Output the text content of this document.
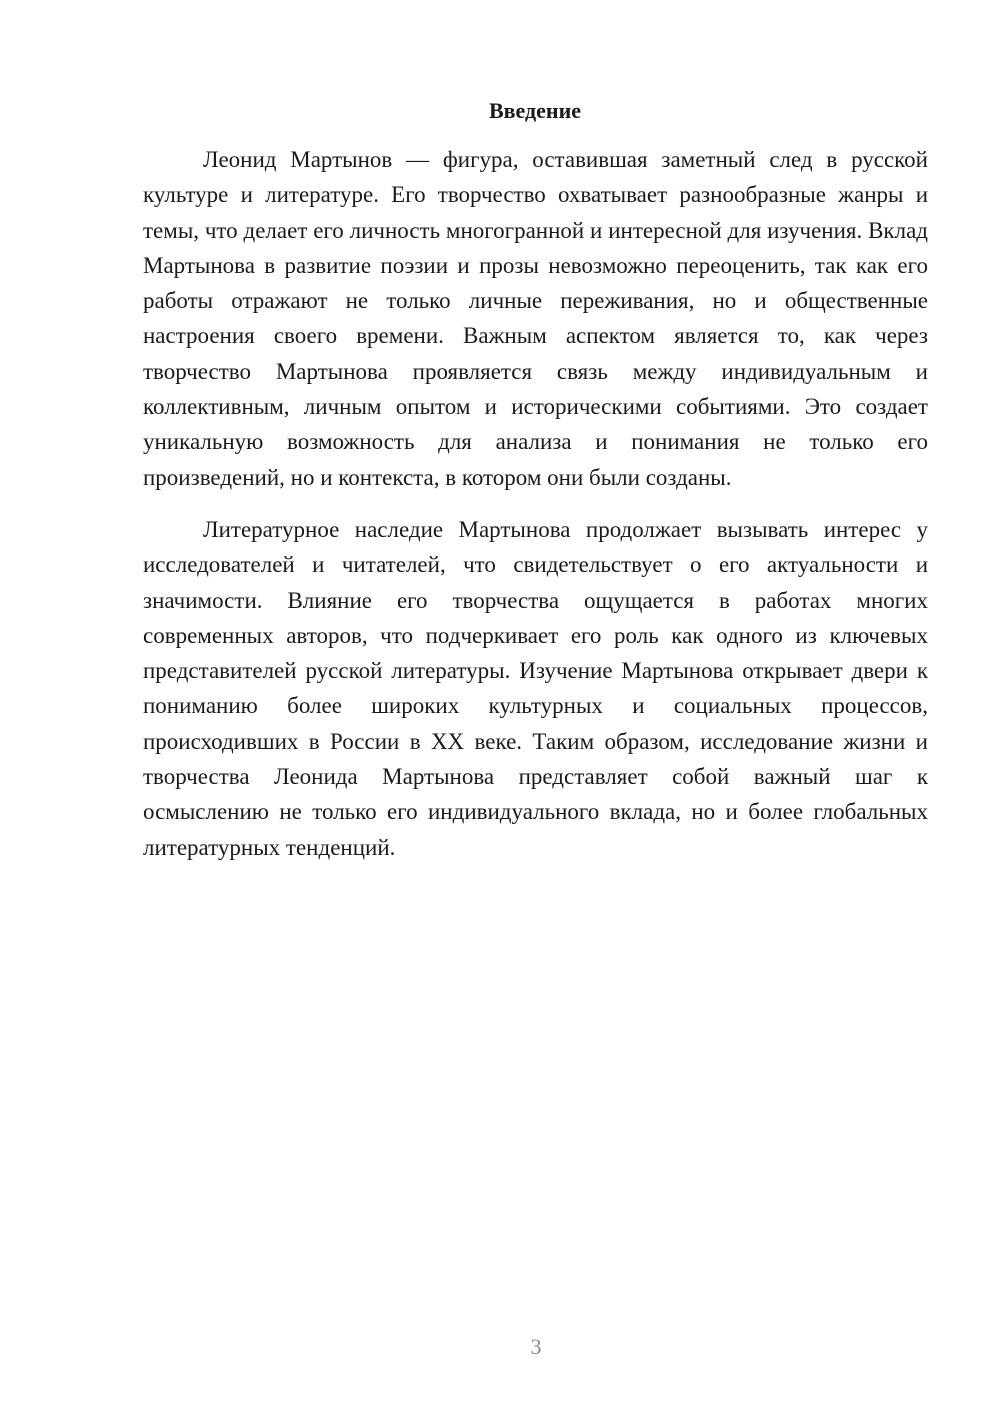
Введение

Леонид Мартынов — фигура, оставившая заметный след в русской культуре и литературе. Его творчество охватывает разнообразные жанры и темы, что делает его личность многогранной и интересной для изучения. Вклад Мартынова в развитие поэзии и прозы невозможно переоценить, так как его работы отражают не только личные переживания, но и общественные настроения своего времени. Важным аспектом является то, как через творчество Мартынова проявляется связь между индивидуальным и коллективным, личным опытом и историческими событиями. Это создает уникальную возможность для анализа и понимания не только его произведений, но и контекста, в котором они были созданы.

Литературное наследие Мартынова продолжает вызывать интерес у исследователей и читателей, что свидетельствует о его актуальности и значимости. Влияние его творчества ощущается в работах многих современных авторов, что подчеркивает его роль как одного из ключевых представителей русской литературы. Изучение Мартынова открывает двери к пониманию более широких культурных и социальных процессов, происходивших в России в XX веке. Таким образом, исследование жизни и творчества Леонида Мартынова представляет собой важный шаг к осмыслению не только его индивидуального вклада, но и более глобальных литературных тенденций.

3
